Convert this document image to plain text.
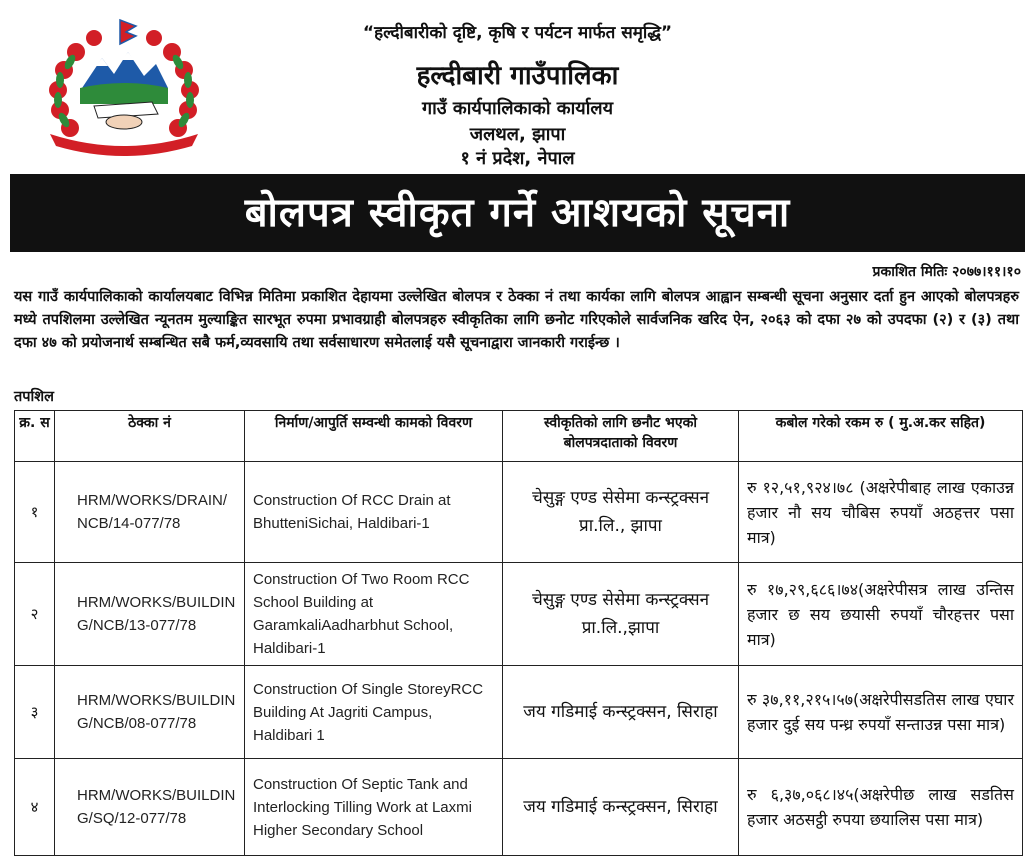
“हल्दीबारीको दृष्टि, कृषि र पर्यटन मार्फत समृद्धि”
हल्दीबारी गाउँपालिका
गाउँ कार्यपालिकाको कार्यालय
जलथल, झापा
१ नं प्रदेश, नेपाल
बोलपत्र स्वीकृत गर्ने आशयको सूचना
प्रकाशित मितिः २०७७।११।१०
यस गाउँ कार्यपालिकाको कार्यालयबाट विभिन्न मितिमा प्रकाशित देहायमा उल्लेखित बोलपत्र र ठेक्का नं तथा कार्यका लागि बोलपत्र आह्वान सम्बन्धी सूचना अनुसार दर्ता हुन आएको बोलपत्रहरु मध्ये तपशिलमा उल्लेखित न्यूनतम मुल्याङ्कित सारभूत रुपमा प्रभावग्राही बोलपत्रहरु स्वीकृतिका लागि छनोट गरिएकोले सार्वजनिक खरिद ऐन, २०६३ को दफा २७ को उपदफा (२) र (३) तथा दफा ४७ को प्रयोजनार्थ सम्बन्धित सबै फर्म,व्यवसायि तथा सर्वसाधारण समेतलाई यसै सूचनाद्वारा जानकारी गराईन्छ ।
तपशिल
क्र. स	ठेक्का नं	निर्माण/आपुर्ति सम्वन्धी कामको विवरण	स्वीकृतिको लागि छनौट भएको बोलपत्रदाताको विवरण	कबोल गरेको रकम रु ( मु.अ.कर सहित)
१	HRM/WORKS/DRAIN/NCB/14-077/78	Construction Of RCC Drain at BhutteniSichai, Haldibari-1	चेसुङ्ग एण्ड सेसेमा कन्स्ट्रक्सन प्रा.लि., झापा	रु १२,५१,९२४।७८ (अक्षरेपीबाह लाख एकाउन्न हजार नौ सय चौबिस रुपयाँ अठहत्तर पसा मात्र)
२	HRM/WORKS/BUILDING/NCB/13-077/78	Construction Of Two Room RCC School Building at GaramkaliAadharbhut School, Haldibari-1	चेसुङ्ग एण्ड सेसेमा कन्स्ट्रक्सन प्रा.लि.,झापा	रु १७,२९,६८६।७४(अक्षरेपीसत्र लाख उन्तिस हजार छ सय छयासी रुपयाँ चौरहत्तर पसा मात्र)
३	HRM/WORKS/BUILDING/NCB/08-077/78	Construction Of Single StoreyRCC Building At Jagriti Campus, Haldibari 1	जय गडिमाई कन्स्ट्रक्सन, सिराहा	रु ३७,११,२१५।५७(अक्षरेपीसडतिस लाख एघार हजार दुई सय पन्ध्र रुपयाँ सन्ताउन्न पसा मात्र)
४	HRM/WORKS/BUILDING/SQ/12-077/78	Construction Of Septic Tank and Interlocking Tilling Work at Laxmi Higher Secondary School	जय गडिमाई कन्स्ट्रक्सन, सिराहा	रु ६,३७,०६८।४५(अक्षरेपीछ लाख सडतिस हजार अठसट्ठी रुपया छयालिस पसा मात्र)
